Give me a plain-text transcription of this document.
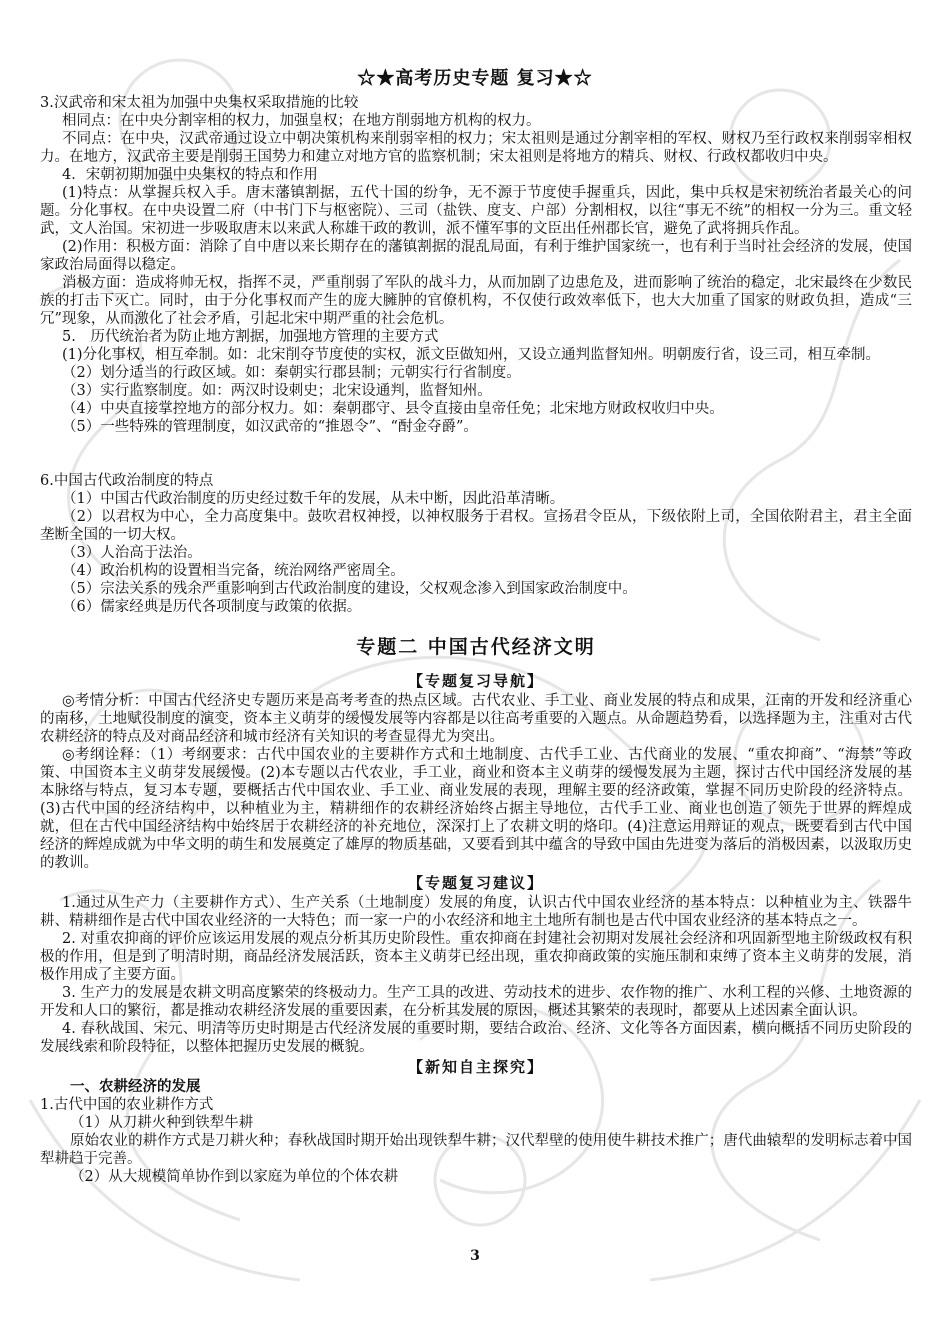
☆★高考历史专题 复习★☆

3.汉武帝和宋太祖为加强中央集权采取措施的比较

相同点：在中央分割宰相的权力，加强皇权；在地方削弱地方机构的权力。

不同点：在中央，汉武帝通过设立中朝决策机构来削弱宰相的权力；宋太祖则是通过分割宰相的军权、财权乃至行政权来削弱宰相权力。在地方，汉武帝主要是削弱王国势力和建立对地方官的监察机制；宋太祖则是将地方的精兵、财权、行政权都收归中央。

4．宋朝初期加强中央集权的特点和作用

(1)特点：从掌握兵权入手。唐末藩镇割据，五代十国的纷争，无不源于节度使手握重兵，因此，集中兵权是宋初统治者最关心的问题。分化事权。在中央设置二府（中书门下与枢密院）、三司（盐铁、度支、户部）分割相权，以往“事无不统”的相权一分为三。重文轻武，文人治国。宋初进一步吸取唐末以来武人称雄干政的教训，派不懂军事的文臣出任州郡长官，避免了武将拥兵作乱。

(2)作用：积极方面：消除了自中唐以来长期存在的藩镇割据的混乱局面，有利于维护国家统一，也有利于当时社会经济的发展，使国家政治局面得以稳定。

消极方面：造成将帅无权，指挥不灵，严重削弱了军队的战斗力，从而加剧了边患危及，进而影响了统治的稳定，北宋最终在少数民族的打击下灭亡。同时，由于分化事权而产生的庞大臃肿的官僚机构，不仅使行政效率低下，也大大加重了国家的财政负担，造成“三冗”现象，从而激化了社会矛盾，引起北宋中期严重的社会危机。

5.　历代统治者为防止地方割据，加强地方管理的主要方式

(1)分化事权，相互牵制。如：北宋削夺节度使的实权，派文臣做知州，又设立通判监督知州。明朝废行省，设三司，相互牵制。

（2）划分适当的行政区域。如：秦朝实行郡县制；元朝实行行省制度。

（3）实行监察制度。如：两汉时设刺史；北宋设通判，监督知州。

（4）中央直接掌控地方的部分权力。如：秦朝郡守、县令直接由皇帝任免；北宋地方财政权收归中央。

（5）一些特殊的管理制度，如汉武帝的“推恩令”、“酎金夺爵”。

6.中国古代政治制度的特点

（1）中国古代政治制度的历史经过数千年的发展，从未中断，因此沿革清晰。

（2）以君权为中心，全力高度集中。鼓吹君权神授，以神权服务于君权。宣扬君令臣从，下级依附上司，全国依附君主，君主全面垄断全国的一切大权。

（3）人治高于法治。

（4）政治机构的设置相当完备，统治网络严密周全。

（5）宗法关系的残余严重影响到古代政治制度的建设，父权观念渗入到国家政治制度中。

（6）儒家经典是历代各项制度与政策的依据。

专题二 中国古代经济文明
【专题复习导航】

◎考情分析：中国古代经济史专题历来是高考考查的热点区域。古代农业、手工业、商业发展的特点和成果，江南的开发和经济重心的南移，土地赋役制度的演变，资本主义萌芽的缓慢发展等内容都是以往高考重要的入题点。从命题趋势看，以选择题为主，注重对古代农耕经济的特点及对商品经济和城市经济有关知识的考查显得尤为突出。

◎考纲诠释：（1）考纲要求：古代中国农业的主要耕作方式和土地制度、古代手工业、古代商业的发展、“重农抑商”、“海禁”等政策、中国资本主义萌芽发展缓慢。(2)本专题以古代农业，手工业，商业和资本主义萌芽的缓慢发展为主题，探讨古代中国经济发展的基本脉络与特点，复习本专题，要概括古代中国农业、手工业、商业发展的表现，理解主要的经济政策，掌握不同历史阶段的经济特点。(3)古代中国的经济结构中，以种植业为主，精耕细作的农耕经济始终占据主导地位，古代手工业、商业也创造了领先于世界的辉煌成就，但在古代中国经济结构中始终居于农耕经济的补充地位，深深打上了农耕文明的烙印。(4)注意运用辩证的观点，既要看到古代中国经济的辉煌成就为中华文明的萌生和发展奠定了雄厚的物质基础，又要看到其中蕴含的导致中国由先进变为落后的消极因素，以汲取历史的教训。

【专题复习建议】

1.通过从生产力（主要耕作方式）、生产关系（土地制度）发展的角度，认识古代中国农业经济的基本特点：以种植业为主、铁器牛耕、精耕细作是古代中国农业经济的一大特色；而一家一户的小农经济和地主土地所有制也是古代中国农业经济的基本特点之一。

2. 对重农抑商的评价应该运用发展的观点分析其历史阶段性。重农抑商在封建社会初期对发展社会经济和巩固新型地主阶级政权有积极的作用，但是到了明清时期，商品经济发展活跃，资本主义萌芽已经出现，重农抑商政策的实施压制和束缚了资本主义萌芽的发展，消极作用成了主要方面。

3. 生产力的发展是农耕文明高度繁荣的终极动力。生产工具的改进、劳动技术的进步、农作物的推广、水利工程的兴修、土地资源的开发和人口的繁衍，都是推动农耕经济发展的重要因素，在分析其发展的原因，概述其繁荣的表现时，都要从上述因素全面认识。

4. 春秋战国、宋元、明清等历史时期是古代经济发展的重要时期，要结合政治、经济、文化等各方面因素，横向概括不同历史阶段的发展线索和阶段特征，以整体把握历史发展的概貌。

【新知自主探究】

一、农耕经济的发展

1.古代中国的农业耕作方式

（1）从刀耕火种到铁犁牛耕

原始农业的耕作方式是刀耕火种；春秋战国时期开始出现铁犁牛耕；汉代犁壁的使用使牛耕技术推广；唐代曲辕犁的发明标志着中国犁耕趋于完善。

（2）从大规模简单协作到以家庭为单位的个体农耕

3
